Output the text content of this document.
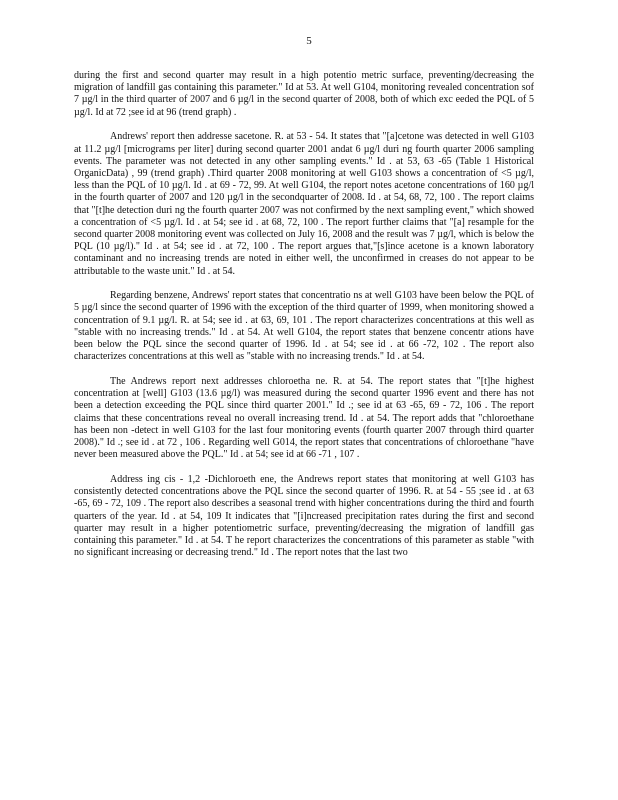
5

during the first and second quarter may result in a high potentio metric surface, preventing/decreasing the migration of landfill gas containing this parameter." Id at 53. At well G104, monitoring revealed concentration sof 7 µg/l in the third quarter of 2007 and 6 µg/l in the second quarter of 2008, both of which exc eeded the PQL of 5 µg/l. Id at 72 ;see id at 96 (trend graph) .

Andrews' report then addresse sacetone. R. at 53 - 54. It states that "[a]cetone was detected in well G103 at 11.2 µg/l [micrograms per liter] during second quarter 2001 andat 6 µg/l duri ng fourth quarter 2006 sampling events. The parameter was not detected in any other sampling events." Id . at 53, 63 -65 (Table 1 Historical OrganicData) , 99 (trend graph) .Third quarter 2008 monitoring at well G103 shows a concentration of <5 µg/l, less than the PQL of 10 µg/l. Id . at 69 - 72, 99. At well G104, the report notes acetone concentrations of 160 µg/l in the fourth quarter of 2007 and 120 µg/l in the secondquarter of 2008. Id . at 54, 68, 72, 100 . The report claims that "[t]he detection duri ng the fourth quarter 2007 was not confirmed by the next sampling event," which showed a concentration of <5 µg/l. Id . at 54; see id . at 68, 72, 100 . The report further claims that "[a] resample for the second quarter 2008 monitoring event was collected on July 16, 2008 and the result was 7 µg/l, which is below the PQL (10 µg/l)." Id . at 54; see id . at 72, 100 . The report argues that,"[s]ince acetone is a known laboratory contaminant and no increasing trends are noted in either well, the unconfirmed in creases do not appear to be attributable to the waste unit." Id . at 54.

Regarding benzene, Andrews' report states that concentratio ns at well G103 have been below the PQL of 5 µg/l since the second quarter of 1996 with the exception of the third quarter of 1999, when monitoring showed a concentration of 9.1 µg/l. R. at 54; see id . at 63, 69, 101 . The report characterizes concentrations at this well as "stable with no increasing trends." Id . at 54. At well G104, the report states that benzene concentr ations have been below the PQL since the second quarter of 1996. Id . at 54; see id . at 66 -72, 102 . The report also characterizes concentrations at this well as "stable with no increasing trends." Id . at 54.

The Andrews report next addresses chloroetha ne. R. at 54. The report states that "[t]he highest concentration at [well] G103 (13.6 µg/l) was measured during the second quarter 1996 event and there has not been a detection exceeding the PQL since third quarter 2001." Id .; see id at 63 -65, 69 - 72, 106 . The report claims that these concentrations reveal no overall increasing trend. Id . at 54. The report adds that "chloroethane has been non -detect in well G103 for the last four monitoring events (fourth quarter 2007 through third quarter 2008)." Id .; see id . at 72 , 106 . Regarding well G014, the report states that concentrations of chloroethane "have never been measured above the PQL." Id . at 54; see id at 66 -71 , 107 .

Address ing cis - 1,2 -Dichloroeth ene, the Andrews report states that monitoring at well G103 has consistently detected concentrations above the PQL since the second quarter of 1996. R. at 54 - 55 ;see id . at 63 -65, 69 - 72, 109 . The report also describes a seasonal trend with higher concentrations during the third and fourth quarters of the year. Id . at 54, 109 It indicates that "[i]ncreased precipitation rates during the first and second quarter may result in a higher potentiometric surface, preventing/decreasing the migration of landfill gas containing this parameter." Id . at 54. T he report characterizes the concentrations of this parameter as stable "with no significant increasing or decreasing trend." Id . The report notes that the last two
